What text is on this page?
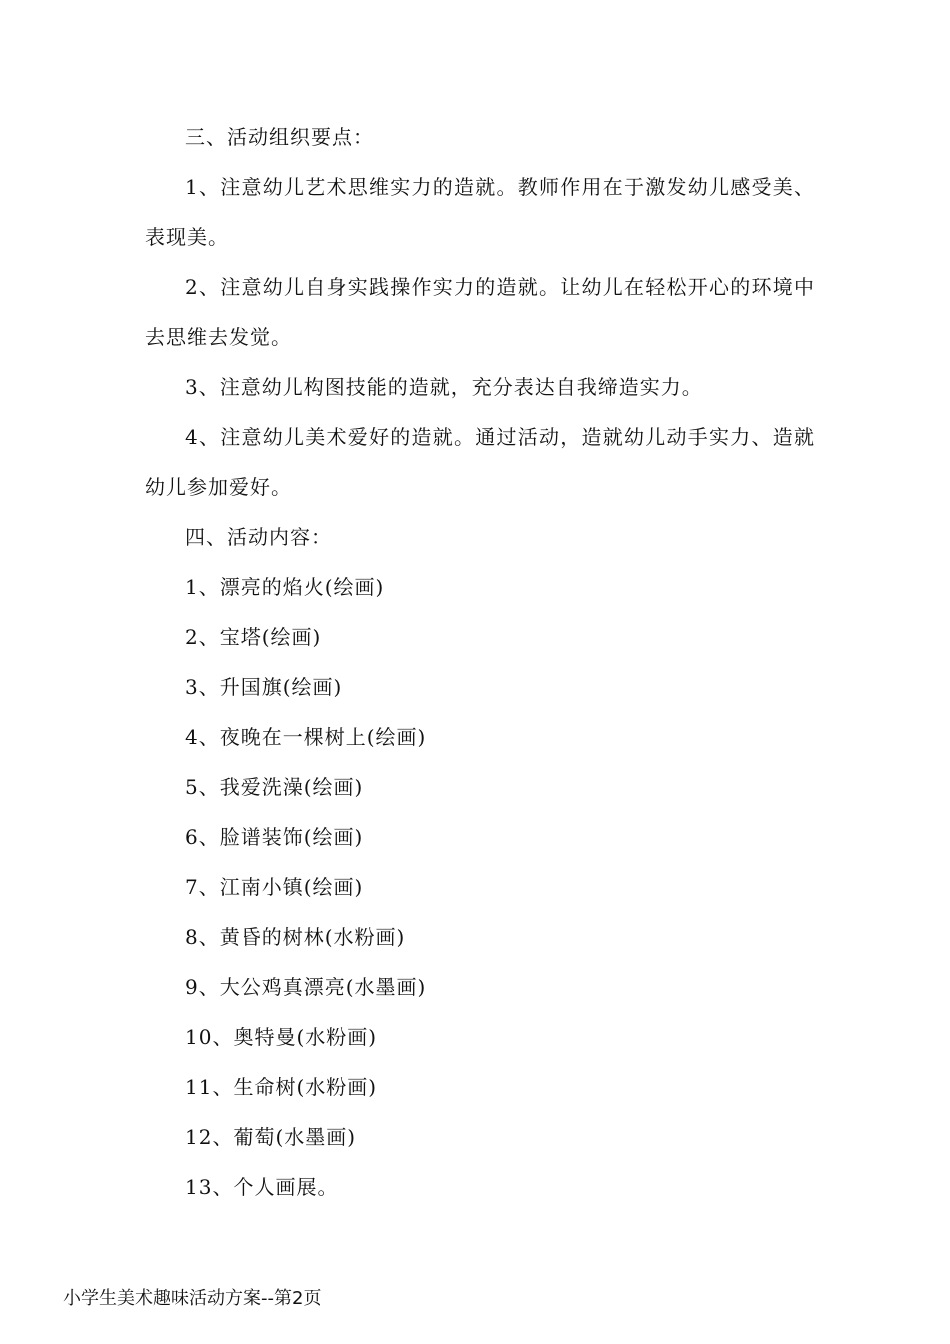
三、活动组织要点：

1、注意幼儿艺术思维实力的造就。教师作用在于激发幼儿感受美、表现美。

2、注意幼儿自身实践操作实力的造就。让幼儿在轻松开心的环境中去思维去发觉。

3、注意幼儿构图技能的造就，充分表达自我缔造实力。

4、注意幼儿美术爱好的造就。通过活动，造就幼儿动手实力、造就幼儿参加爱好。

四、活动内容：

1、漂亮的焰火(绘画)

2、宝塔(绘画)

3、升国旗(绘画)

4、夜晚在一棵树上(绘画)

5、我爱洗澡(绘画)

6、脸谱装饰(绘画)

7、江南小镇(绘画)

8、黄昏的树林(水粉画)

9、大公鸡真漂亮(水墨画)

10、奥特曼(水粉画)

11、生命树(水粉画)

12、葡萄(水墨画)

13、个人画展。

小学生美术趣味活动方案--第2页
